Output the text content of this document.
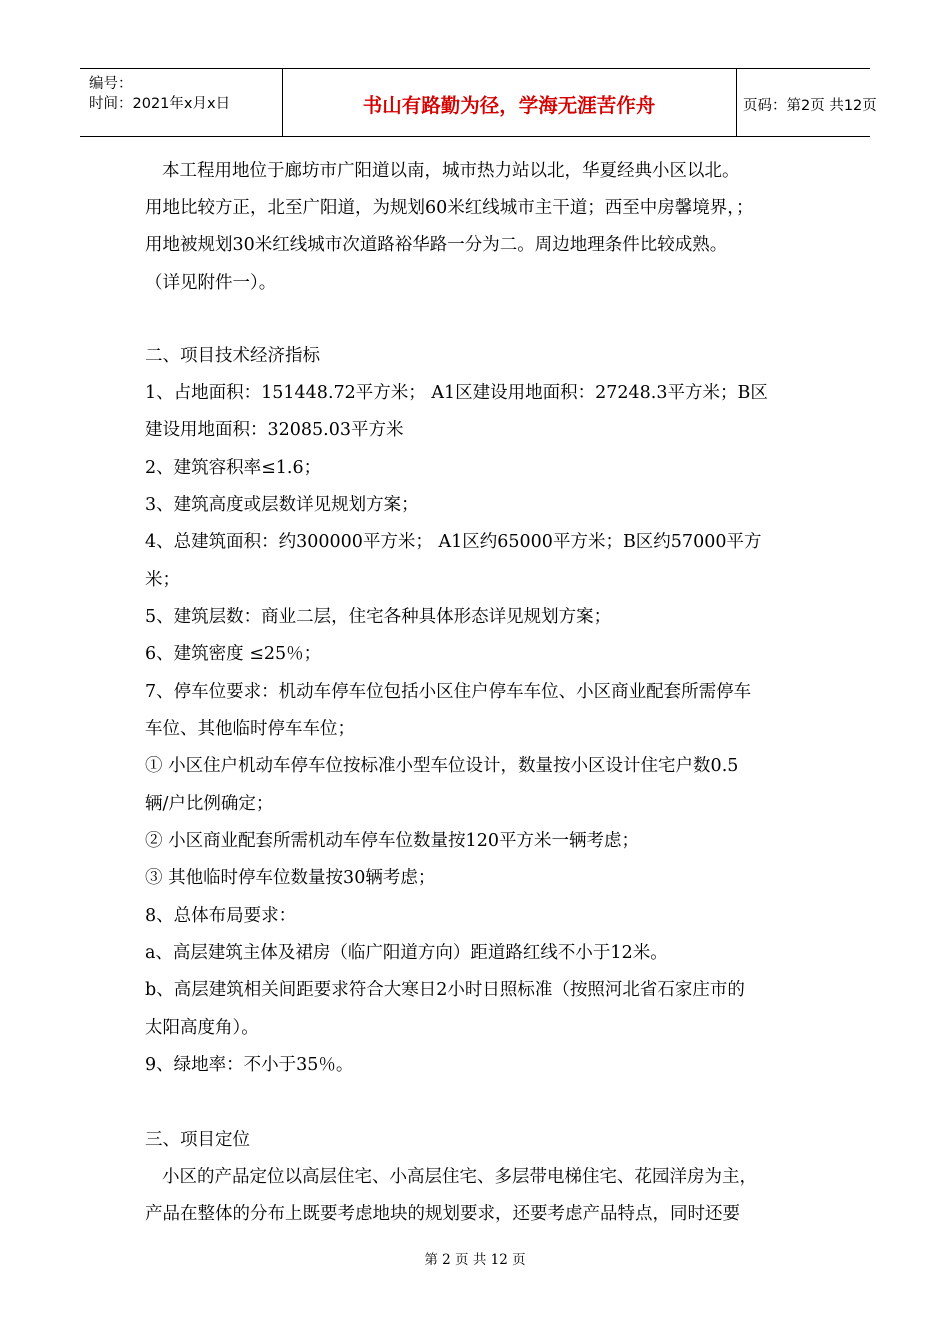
编号：
时间：2021年x月x日	书山有路勤为径，学海无涯苦作舟	页码：第2页 共12页
本工程用地位于廊坊市广阳道以南，城市热力站以北，华夏经典小区以北。
用地比较方正，北至广阳道，为规划60米红线城市主干道；西至中房馨境界，；
用地被规划30米红线城市次道路裕华路一分为二。周边地理条件比较成熟。
（详见附件一）。
二、项目技术经济指标
1、占地面积：151448.72平方米； A1区建设用地面积：27248.3平方米；B区
建设用地面积：32085.03平方米
2、建筑容积率≤1.6；
3、建筑高度或层数详见规划方案；
4、总建筑面积：约300000平方米； A1区约65000平方米；B区约57000平方
米；
5、建筑层数：商业二层，住宅各种具体形态详见规划方案；
6、建筑密度 ≤25％；
7、停车位要求：机动车停车位包括小区住户停车车位、小区商业配套所需停车
车位、其他临时停车车位；
① 小区住户机动车停车位按标准小型车位设计，数量按小区设计住宅户数0.5
辆/户比例确定；
② 小区商业配套所需机动车停车位数量按120平方米一辆考虑；
③ 其他临时停车位数量按30辆考虑；
8、总体布局要求：
a、高层建筑主体及裙房（临广阳道方向）距道路红线不小于12米。
b、高层建筑相关间距要求符合大寒日2小时日照标准（按照河北省石家庄市的
太阳高度角）。
9、绿地率：不小于35％。
三、项目定位
小区的产品定位以高层住宅、小高层住宅、多层带电梯住宅、花园洋房为主，
产品在整体的分布上既要考虑地块的规划要求，还要考虑产品特点，同时还要
第 2 页 共 12 页
